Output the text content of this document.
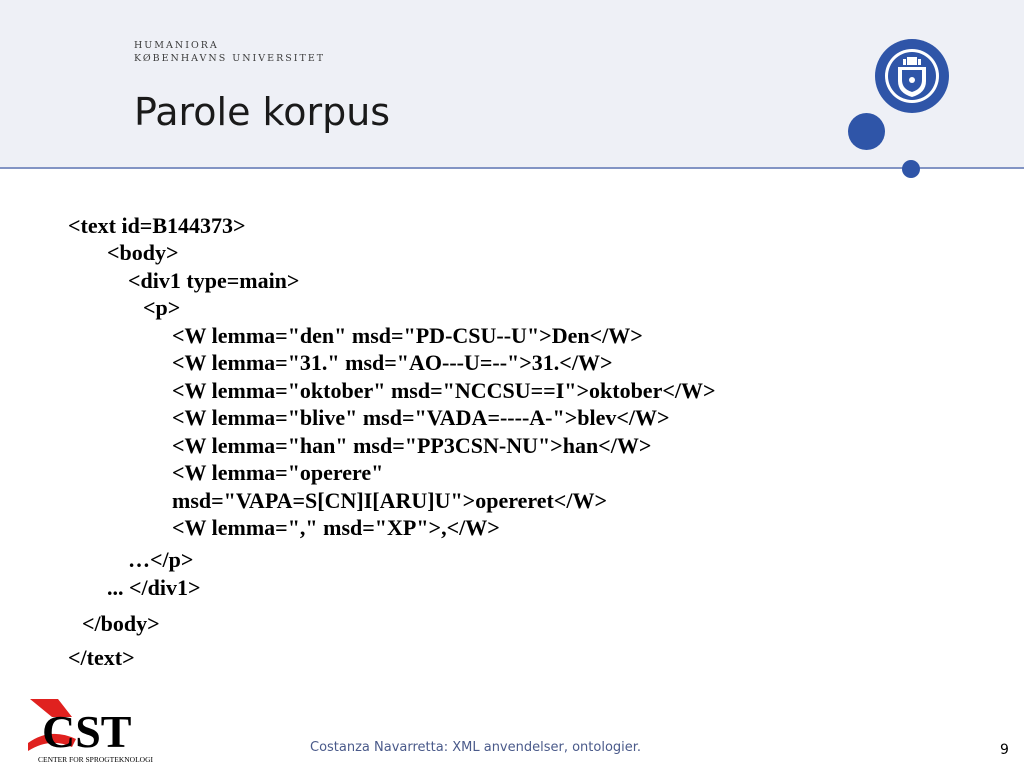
HUMANIORA
KØBENHAVNS UNIVERSITET
Parole korpus
<text id=B144373>
<body>
<div1 type=main>
<p>
<W lemma="den" msd="PD-CSU--U">Den</W>
<W lemma="31." msd="AO---U=--">31.</W>
<W lemma="oktober" msd="NCCSU==I">oktober</W>
<W lemma="blive" msd="VADA=----A-">blev</W>
<W lemma="han" msd="PP3CSN-NU">han</W>
<W lemma="operere"
msd="VAPA=S[CN]I[ARU]U">opereret</W>
<W lemma="," msd="XP">,</W>
…</p>
... </div1>
</body>
</text>
CST
CENTER FOR SPROGTEKNOLOGI
Costanza Navarretta: XML anvendelser, ontologier.	9
